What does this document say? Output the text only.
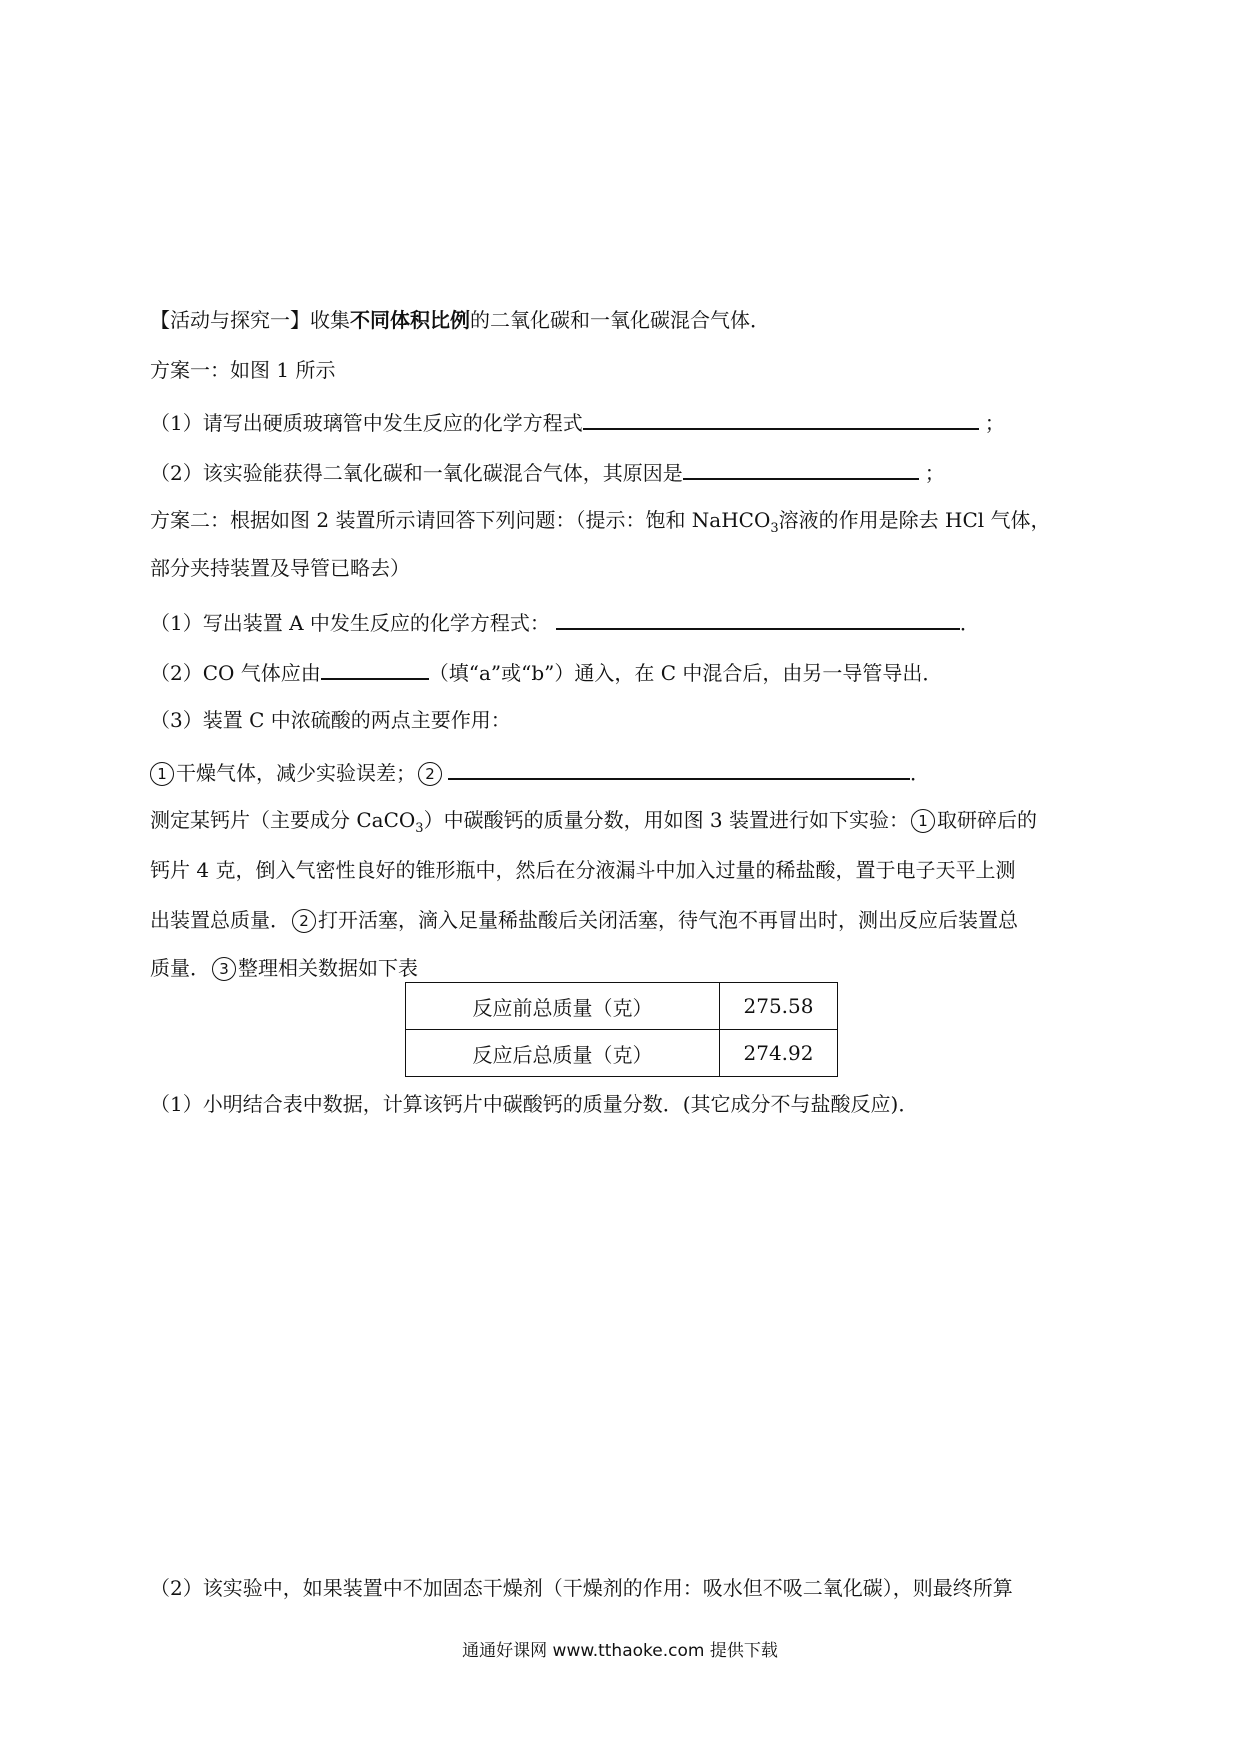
【活动与探究一】收集不同体积比例的二氧化碳和一氧化碳混合气体．
方案一：如图 1 所示
（1）请写出硬质玻璃管中发生反应的化学方程式	；
（2）该实验能获得二氧化碳和一氧化碳混合气体，其原因是	；
方案二：根据如图 2 装置所示请回答下列问题：（提示：饱和 NaHCO$_3$溶液的作用是除去 HCl 气体，
部分夹持装置及导管已略去）
（1）写出装置 A 中发生反应的化学方程式：	．
（2）CO 气体应由	（填“a”或“b”）通入，在 C 中混合后，由另一导管导出．
（3）装置 C 中浓硫酸的两点主要作用：
1 干燥气体，减少实验误差； 2	．
测定某钙片（主要成分 CaCO$_3$）中碳酸钙的质量分数，用如图 3 装置进行如下实验： 1 取研碎后的
钙片 4 克，倒入气密性良好的锥形瓶中，然后在分液漏斗中加入过量的稀盐酸，置于电子天平上测
出装置总质量． 2 打开活塞，滴入足量稀盐酸后关闭活塞，待气泡不再冒出时，测出反应后装置总
质量． 3 整理相关数据如下表
反应前总质量（克）	275.58
反应后总质量（克）	274.92
（1）小明结合表中数据，计算该钙片中碳酸钙的质量分数．(其它成分不与盐酸反应)．
（2）该实验中，如果装置中不加固态干燥剂（干燥剂的作用：吸水但不吸二氧化碳），则最终所算
通通好课网 www.tthaoke.com 提供下载
